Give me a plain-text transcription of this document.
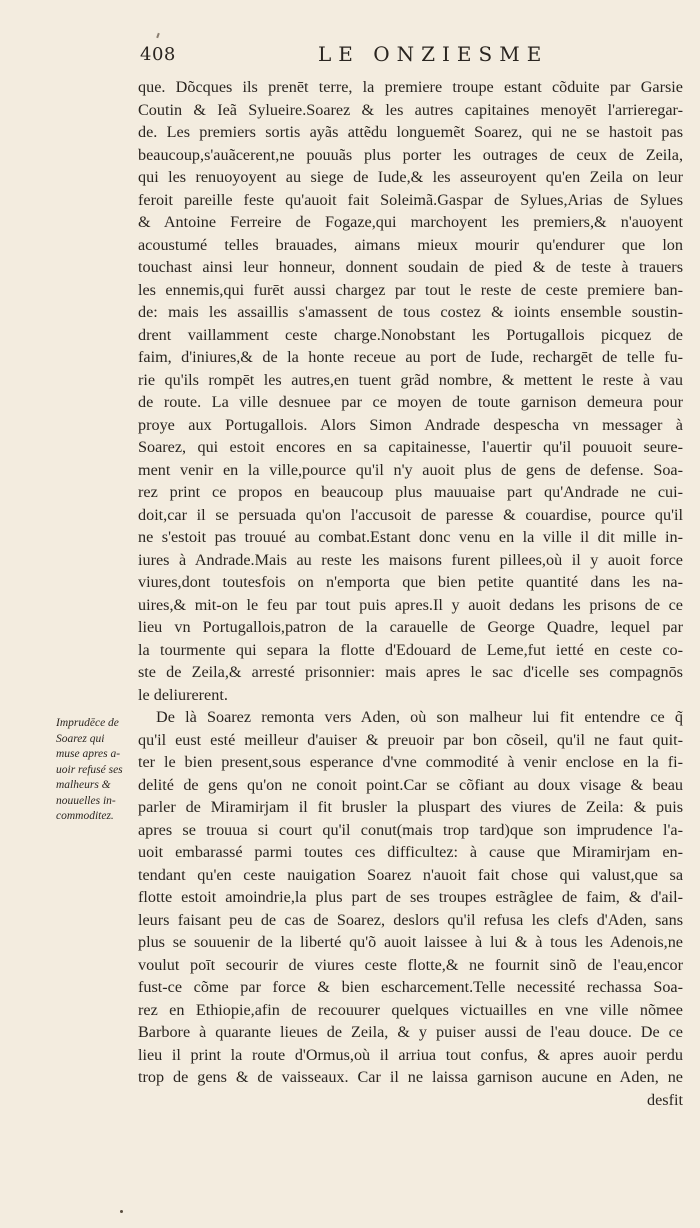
408	LE ONZIESME
Imprudēce de
Soarez qui
muse apres a-
uoir refusé ses
malheurs &
nouuelles in-
commoditez.
que. Dõcques ils prenēt terre, la premiere troupe estant cõduite par Garsie
Coutin & Ieã Sylueire.Soarez & les autres capitaines menoyēt l'arrieregar-
de. Les premiers sortis ayãs attẽdu longuemẽt Soarez, qui ne se hastoit pas
beaucoup,s'auãcerent,ne pouuãs plus porter les outrages de ceux de Zeila,
qui les renuoyoyent au siege de Iude,& les asseuroyent qu'en Zeila on leur
feroit pareille feste qu'auoit fait Soleimã.Gaspar de Sylues,Arias de Sylues
& Antoine Ferreire de Fogaze,qui marchoyent les premiers,& n'auoyent
acoustumé telles brauades, aimans mieux mourir qu'endurer que lon
touchast ainsi leur honneur, donnent soudain de pied & de teste à trauers
les ennemis,qui furēt aussi chargez par tout le reste de ceste premiere ban-
de: mais les assaillis s'amassent de tous costez & ioints ensemble soustin-
drent vaillamment ceste charge.Nonobstant les Portugallois picquez de
faim, d'iniures,& de la honte receue au port de Iude, rechargēt de telle fu-
rie qu'ils rompēt les autres,en tuent grãd nombre, & mettent le reste à vau
de route. La ville desnuee par ce moyen de toute garnison demeura pour
proye aux Portugallois. Alors Simon Andrade despescha vn messager à
Soarez, qui estoit encores en sa capitainesse, l'auertir qu'il pouuoit seure-
ment venir en la ville,pource qu'il n'y auoit plus de gens de defense. Soa-
rez print ce propos en beaucoup plus mauuaise part qu'Andrade ne cui-
doit,car il se persuada qu'on l'accusoit de paresse & couardise, pource qu'il
ne s'estoit pas trouué au combat.Estant donc venu en la ville il dit mille in-
iures à Andrade.Mais au reste les maisons furent pillees,où il y auoit force
viures,dont toutesfois on n'emporta que bien petite quantité dans les na-
uires,& mit-on le feu par tout puis apres.Il y auoit dedans les prisons de ce
lieu vn Portugallois,patron de la carauelle de George Quadre, lequel par
la tourmente qui separa la flotte d'Edouard de Leme,fut ietté en ceste co-
ste de Zeila,& arresté prisonnier: mais apres le sac d'icelle ses compagnōs
le deliurerent.
De là Soarez remonta vers Aden, où son malheur lui fit entendre ce q̃
qu'il eust esté meilleur d'auiser & preuoir par bon cõseil, qu'il ne faut quit-
ter le bien present,sous esperance d'vne commodité à venir enclose en la fi-
delité de gens qu'on ne conoit point.Car se cõfiant au doux visage & beau
parler de Miramirjam il fit brusler la pluspart des viures de Zeila: & puis
apres se trouua si court qu'il conut(mais trop tard)que son imprudence l'a-
uoit embarassé parmi toutes ces difficultez: à cause que Miramirjam en-
tendant qu'en ceste nauigation Soarez n'auoit fait chose qui valust,que sa
flotte estoit amoindrie,la plus part de ses troupes estrãglee de faim, & d'ail-
leurs faisant peu de cas de Soarez, deslors qu'il refusa les clefs d'Aden, sans
plus se souuenir de la liberté qu'õ auoit laissee à lui & à tous les Adenois,ne
voulut poīt secourir de viures ceste flotte,& ne fournit sinõ de l'eau,encor
fust-ce cõme par force & bien escharcement.Telle necessité rechassa Soa-
rez en Ethiopie,afin de recouurer quelques victuailles en vne ville nõmee
Barbore à quarante lieues de Zeila, & y puiser aussi de l'eau douce. De ce
lieu il print la route d'Ormus,où il arriua tout confus, & apres auoir perdu
trop de gens & de vaisseaux. Car il ne laissa garnison aucune en Aden, ne
desfit
